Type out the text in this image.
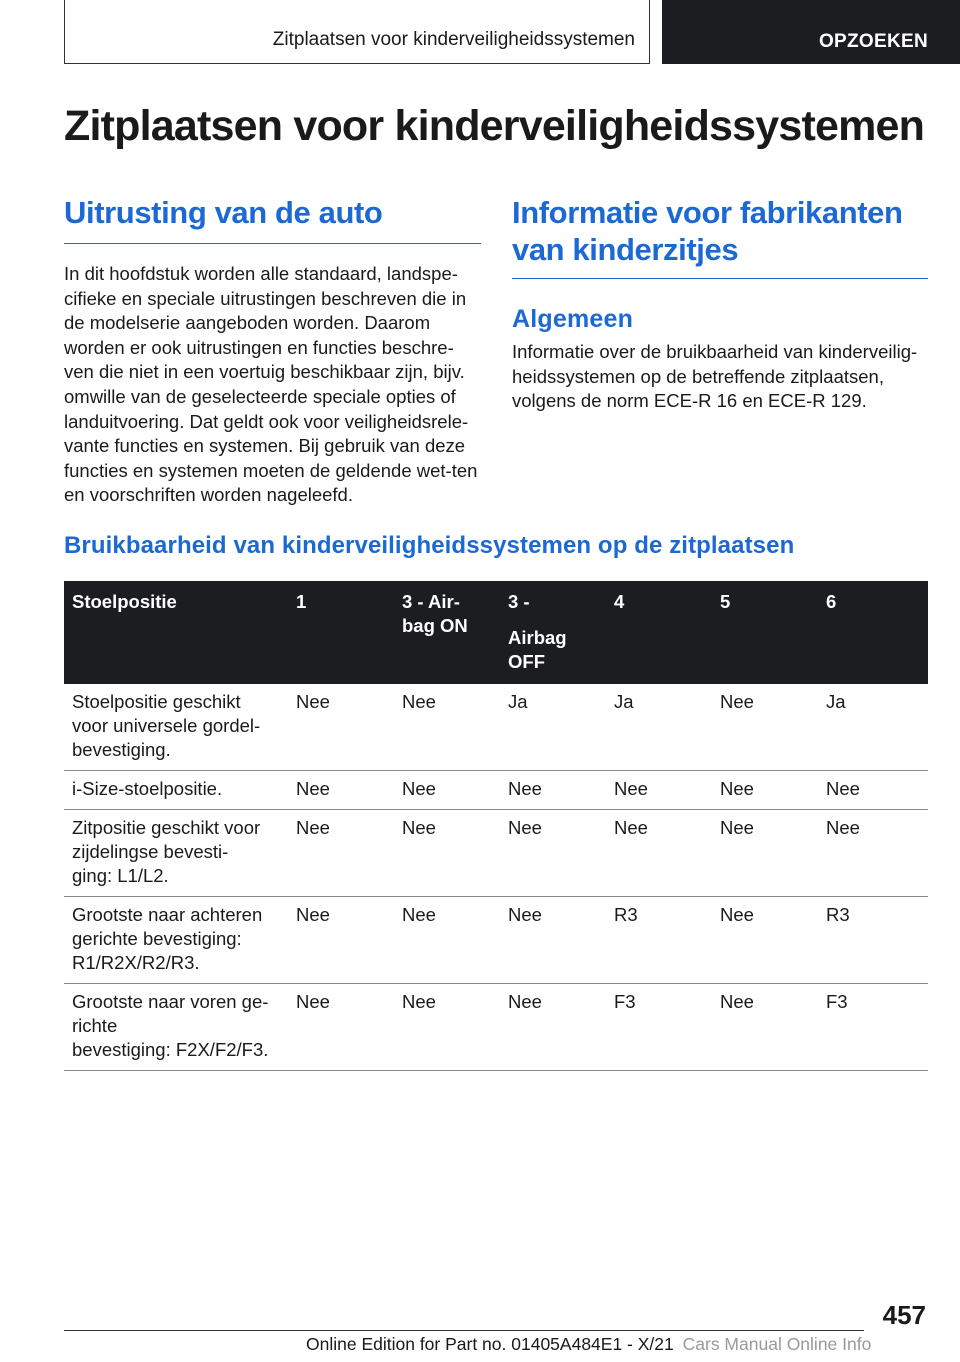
Zitplaatsen voor kinderveiligheidssystemen	OPZOEKEN
Zitplaatsen voor kinderveiligheidssystemen
Uitrusting van de auto

In dit hoofdstuk worden alle standaard, landspe-cifieke en speciale uitrustingen beschreven die in de modelserie aangeboden worden. Daarom worden er ook uitrustingen en functies beschre-ven die niet in een voertuig beschikbaar zijn, bijv. omwille van de geselecteerde speciale opties of landuitvoering. Dat geldt ook voor veiligheidsrele-vante functies en systemen. Bij gebruik van deze functies en systemen moeten de geldende wet-ten en voorschriften worden nageleefd.

Informatie voor fabrikanten van kinderzitjes
Algemeen

Informatie over de bruikbaarheid van kinderveilig-heidssystemen op de betreffende zitplaatsen, volgens de norm ECE-R 16 en ECE-R 129.

Bruikbaarheid van kinderveiligheidssystemen op de zitplaatsen
Stoelpositie	1	3 - Air-
bag ON	3 -
Airbag
OFF	4	5	6

Stoelpositie geschikt
voor universele gordel-
bevestiging.	Nee	Nee	Ja	Ja	Nee	Ja

i-Size-stoelpositie.	Nee	Nee	Nee	Nee	Nee	Nee

Zitpositie geschikt voor
zijdelingse bevesti-
ging: L1/L2.	Nee	Nee	Nee	Nee	Nee	Nee

Grootste naar achteren
gerichte bevestiging:
R1/R2X/R2/R3.	Nee	Nee	Nee	R3	Nee	R3

Grootste naar voren ge-
richte
bevestiging: F2X/F2/F3.	Nee	Nee	Nee	F3	Nee	F3
457
Online Edition for Part no. 01405A484E1 - X/21 Cars Manual Online Info
